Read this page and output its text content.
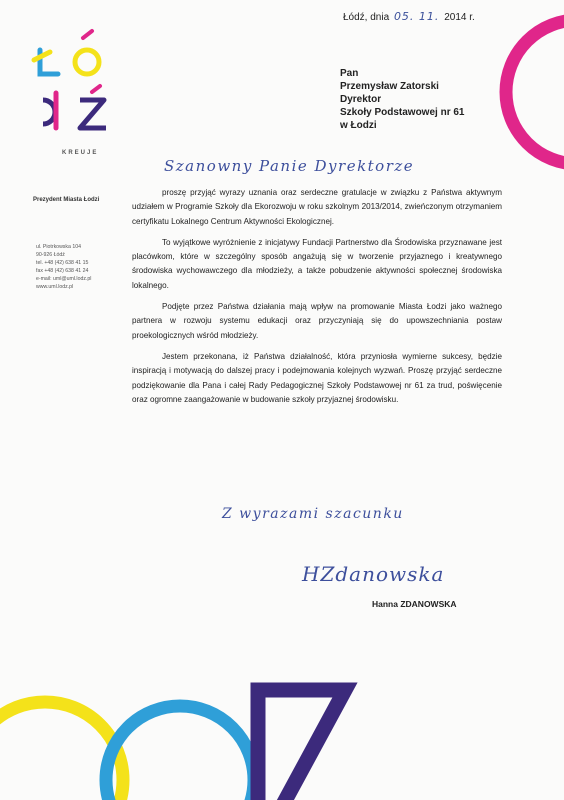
Łódź, dnia 05. 11. 2014 r.
Pan
Przemysław Zatorski
Dyrektor
Szkoły Podstawowej nr 61
w Łodzi
KREUJE
Prezydent Miasta Łodzi
ul. Piotrkowska 104
90-926 Łódź
tel. +48 (42) 638 41 15
fax +48 (42) 638 41 24
e-mail: uml@uml.lodz.pl
www.uml.lodz.pl
Szanowny Panie Dyrektorze

proszę przyjąć wyrazy uznania oraz serdeczne gratulacje w związku z Państwa aktywnym udziałem w Programie Szkoły dla Ekorozwoju w roku szkolnym 2013/2014, zwieńczonym otrzymaniem certyfikatu Lokalnego Centrum Aktywności Ekologicznej.

To wyjątkowe wyróżnienie z inicjatywy Fundacji Partnerstwo dla Środowiska przyznawane jest placówkom, które w szczególny sposób angażują się w tworzenie przyjaznego i kreatywnego środowiska wychowawczego dla młodzieży, a także pobudzenie aktywności społecznej środowiska lokalnego.

Podjęte przez Państwa działania mają wpływ na promowanie Miasta Łodzi jako ważnego partnera w rozwoju systemu edukacji oraz przyczyniają się do upowszechniania postaw proekologicznych wśród młodzieży.

Jestem przekonana, iż Państwa działalność, która przyniosła wymierne sukcesy, będzie inspiracją i motywacją do dalszej pracy i podejmowania kolejnych wyzwań. Proszę przyjąć serdeczne podziękowanie dla Pana i całej Rady Pedagogicznej Szkoły Podstawowej nr 61 za trud, poświęcenie oraz ogromne zaangażowanie w budowanie szkoły przyjaznej środowisku.

Z wyrazami szacunku
HZdanowska
Hanna ZDANOWSKA
